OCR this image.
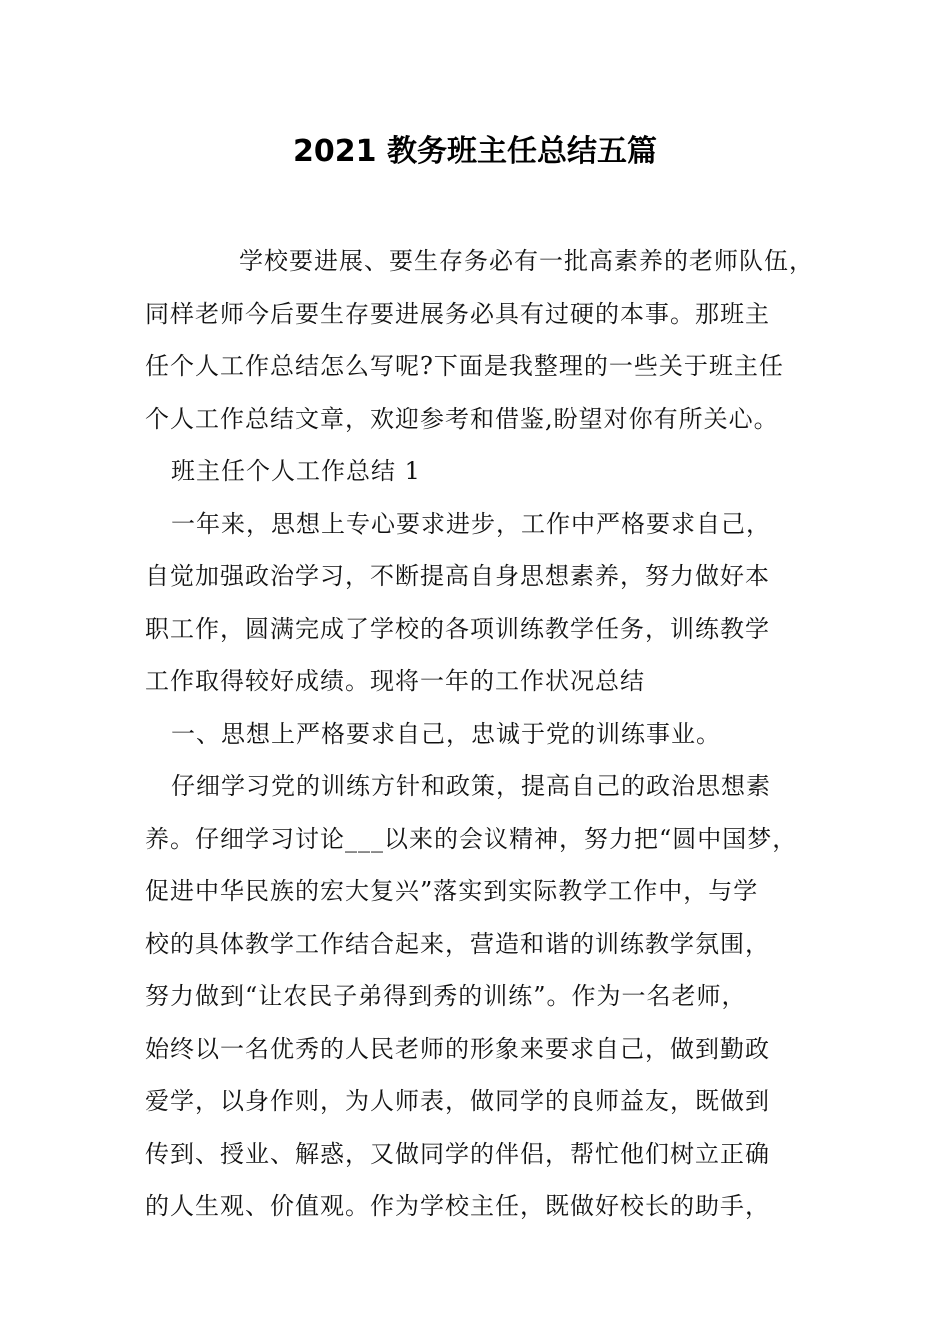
2021 教务班主任总结五篇
学校要进展、要生存务必有一批高素养的老师队伍，
同样老师今后要生存要进展务必具有过硬的本事。那班主
任个人工作总结怎么写呢?下面是我整理的一些关于班主任
个人工作总结文章，欢迎参考和借鉴,盼望对你有所关心。
班主任个人工作总结 1
一年来，思想上专心要求进步，工作中严格要求自己，
自觉加强政治学习，不断提高自身思想素养，努力做好本
职工作，圆满完成了学校的各项训练教学任务，训练教学
工作取得较好成绩。现将一年的工作状况总结
一、思想上严格要求自己，忠诚于党的训练事业。
仔细学习党的训练方针和政策，提高自己的政治思想素
养。仔细学习讨论___以来的会议精神，努力把“圆中国梦，
促进中华民族的宏大复兴”落实到实际教学工作中，与学
校的具体教学工作结合起来，营造和谐的训练教学氛围，
努力做到“让农民子弟得到秀的训练”。作为一名老师，
始终以一名优秀的人民老师的形象来要求自己，做到勤政
爱学，以身作则，为人师表，做同学的良师益友，既做到
传到、授业、解惑，又做同学的伴侣，帮忙他们树立正确
的人生观、价值观。作为学校主任，既做好校长的助手，
